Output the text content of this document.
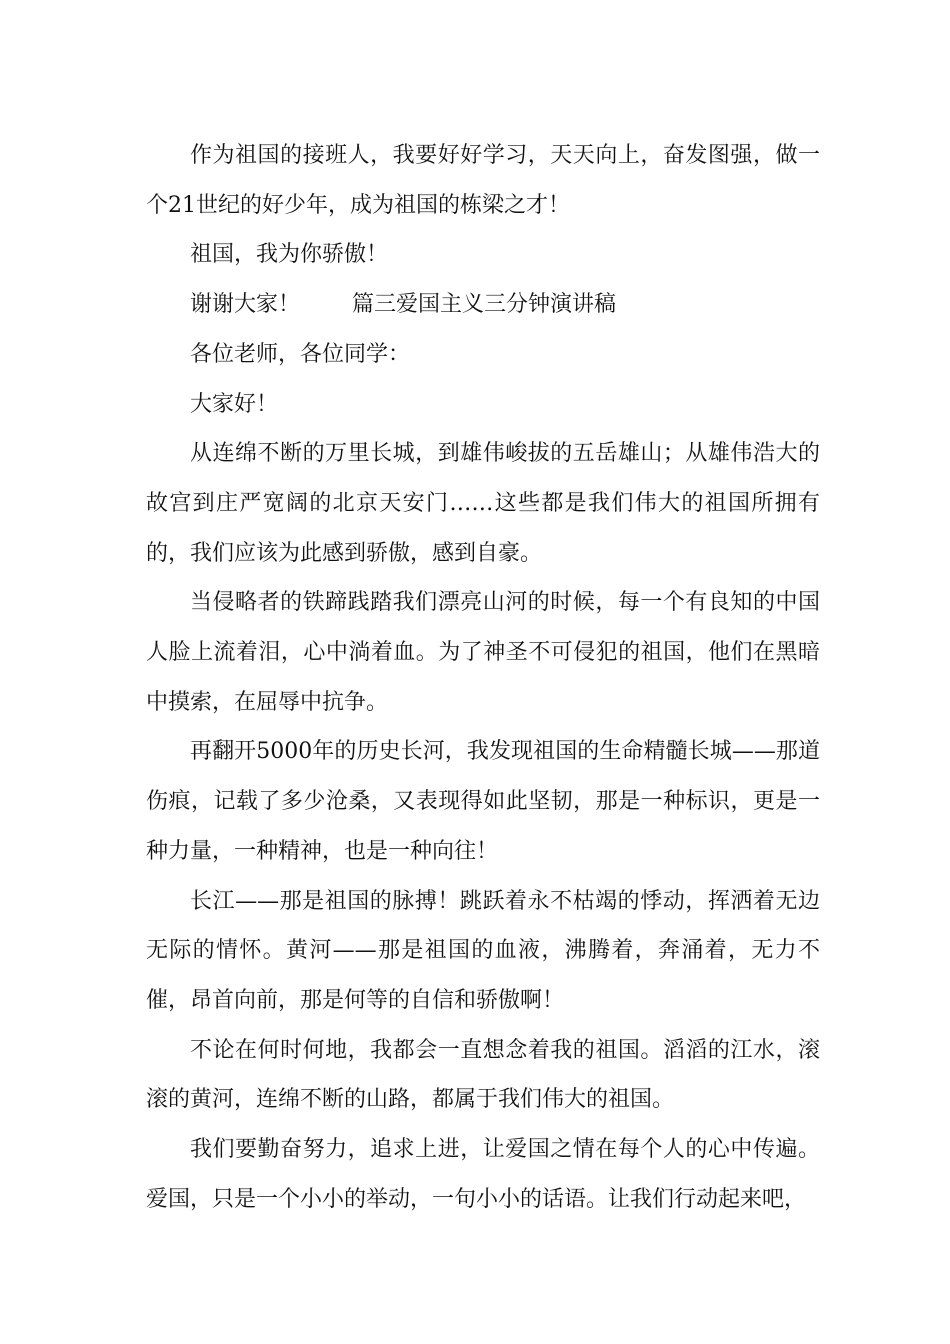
作为祖国的接班人，我要好好学习，天天向上，奋发图强，做一个21世纪的好少年，成为祖国的栋梁之才！

祖国，我为你骄傲！

谢谢大家！ 篇三爱国主义三分钟演讲稿

各位老师，各位同学：

大家好！

从连绵不断的万里长城，到雄伟峻拔的五岳雄山；从雄伟浩大的故宫到庄严宽阔的北京天安门……这些都是我们伟大的祖国所拥有的，我们应该为此感到骄傲，感到自豪。

当侵略者的铁蹄践踏我们漂亮山河的时候，每一个有良知的中国人脸上流着泪，心中淌着血。为了神圣不可侵犯的祖国，他们在黑暗中摸索，在屈辱中抗争。

再翻开5000年的历史长河，我发现祖国的生命精髓长城——那道伤痕，记载了多少沧桑，又表现得如此坚韧，那是一种标识，更是一种力量，一种精神，也是一种向往！

长江——那是祖国的脉搏！跳跃着永不枯竭的悸动，挥洒着无边无际的情怀。黄河——那是祖国的血液，沸腾着，奔涌着，无力不催，昂首向前，那是何等的自信和骄傲啊！

不论在何时何地，我都会一直想念着我的祖国。滔滔的江水，滚滚的黄河，连绵不断的山路，都属于我们伟大的祖国。

我们要勤奋努力，追求上进，让爱国之情在每个人的心中传遍。爱国，只是一个小小的举动，一句小小的话语。让我们行动起来吧，
